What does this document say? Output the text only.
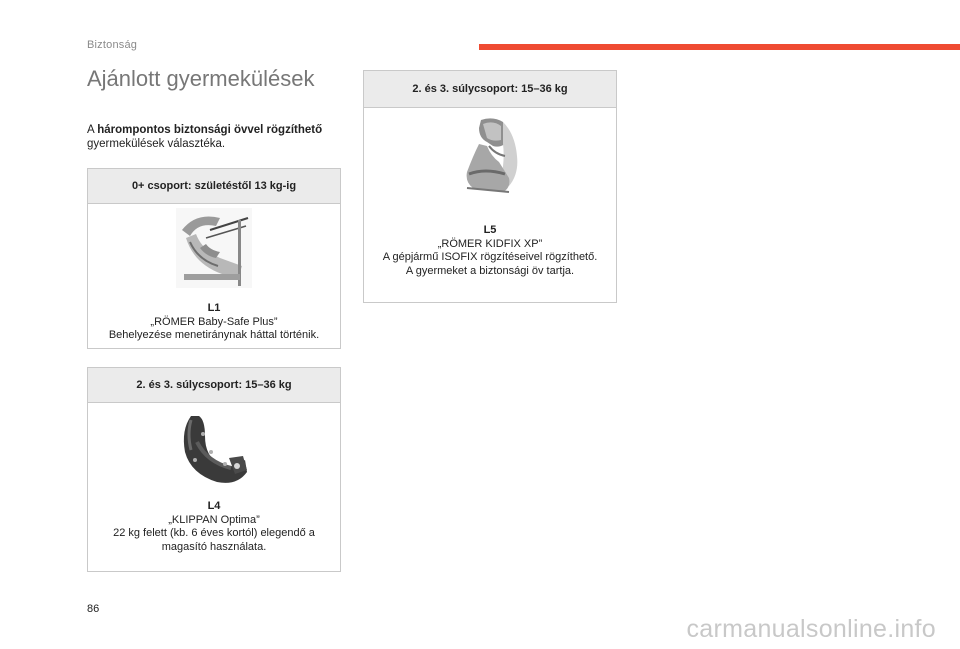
Biztonság
Ajánlott gyermekülések
A hárompontos biztonsági övvel rögzíthető gyermekülések választéka.
0+ csoport: születéstől 13 kg-ig
L1
„RÖMER Baby-Safe Plus”
Behelyezése menetiránynak háttal történik.
2. és 3. súlycsoport: 15–36 kg
L4
„KLIPPAN Optima”
22 kg felett (kb. 6 éves kortól) elegendő a
magasító használata.
2. és 3. súlycsoport: 15–36 kg
L5
„RÖMER KIDFIX XP”
A gépjármű ISOFIX rögzítéseivel rögzíthető.
A gyermeket a biztonsági öv tartja.
86
carmanualsonline.info
